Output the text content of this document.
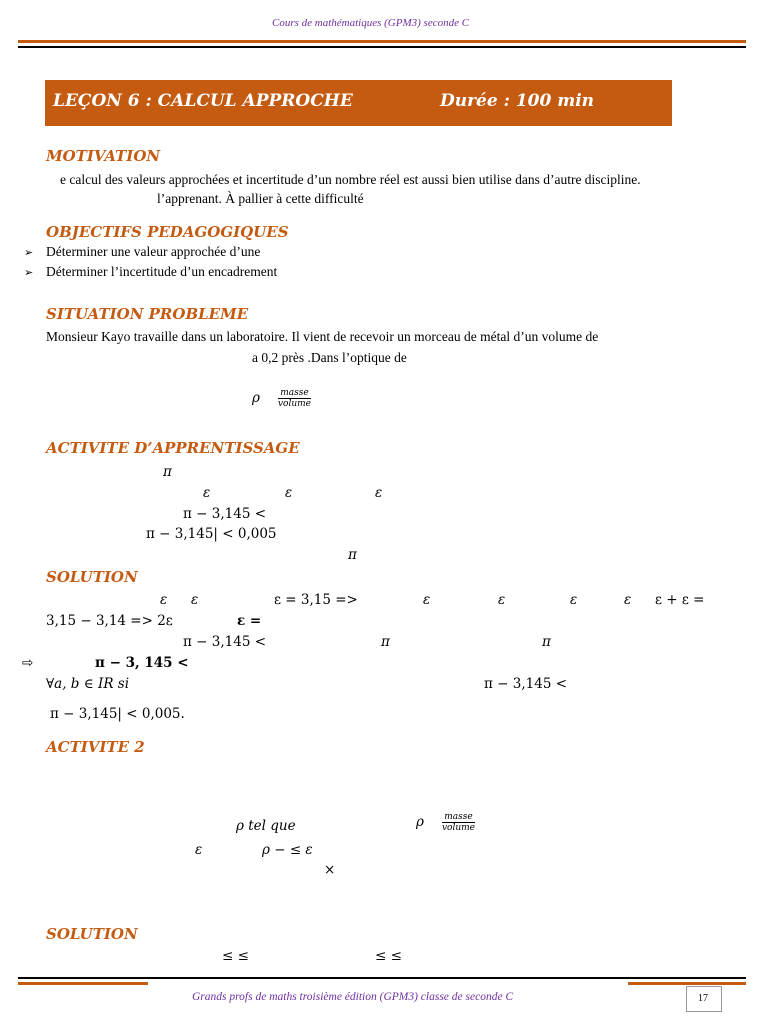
Cours de mathématiques (GPM3) seconde C
LEÇON 6 : CALCUL APPROCHE	Durée : 100 min
MOTIVATION
e calcul des valeurs approchées et incertitude d’un nombre réel est aussi bien utilise dans d’autre discipline.
l’apprenant. À pallier à cette difficulté
OBJECTIFS PEDAGOGIQUES
➢ Déterminer une valeur approchée d’une
➢ Déterminer l’incertitude d’un encadrement
SITUATION PROBLEME
Monsieur Kayo travaille dans un laboratoire. Il vient de recevoir un morceau de métal d’un volume de
a 0,2 près .Dans l’optique de
ρ $\frac{\text{masse}}{\text{volume}}$
ACTIVITE D’APPRENTISSAGE
π
ε	ε	ε
π − 3,145 <
π − 3,145| < 0,005
π
SOLUTION
ε ε	ε = 3,15 =>	ε	ε	ε	ε ε + ε =
3,15 − 3,14 => 2ε	ε =
π − 3,145 <	π	π
⇨	π − 3, 145 <
∀a, b ∈ IR si	π − 3,145 <
π − 3,145| < 0,005.
ACTIVITE 2
ρ tel que	ρ $\frac{\text{masse}}{\text{volume}}$
ε	ρ − ≤ ε
×
SOLUTION
≤ ≤	≤ ≤
Grands profs de maths troisième édition (GPM3) classe de seconde C	17
